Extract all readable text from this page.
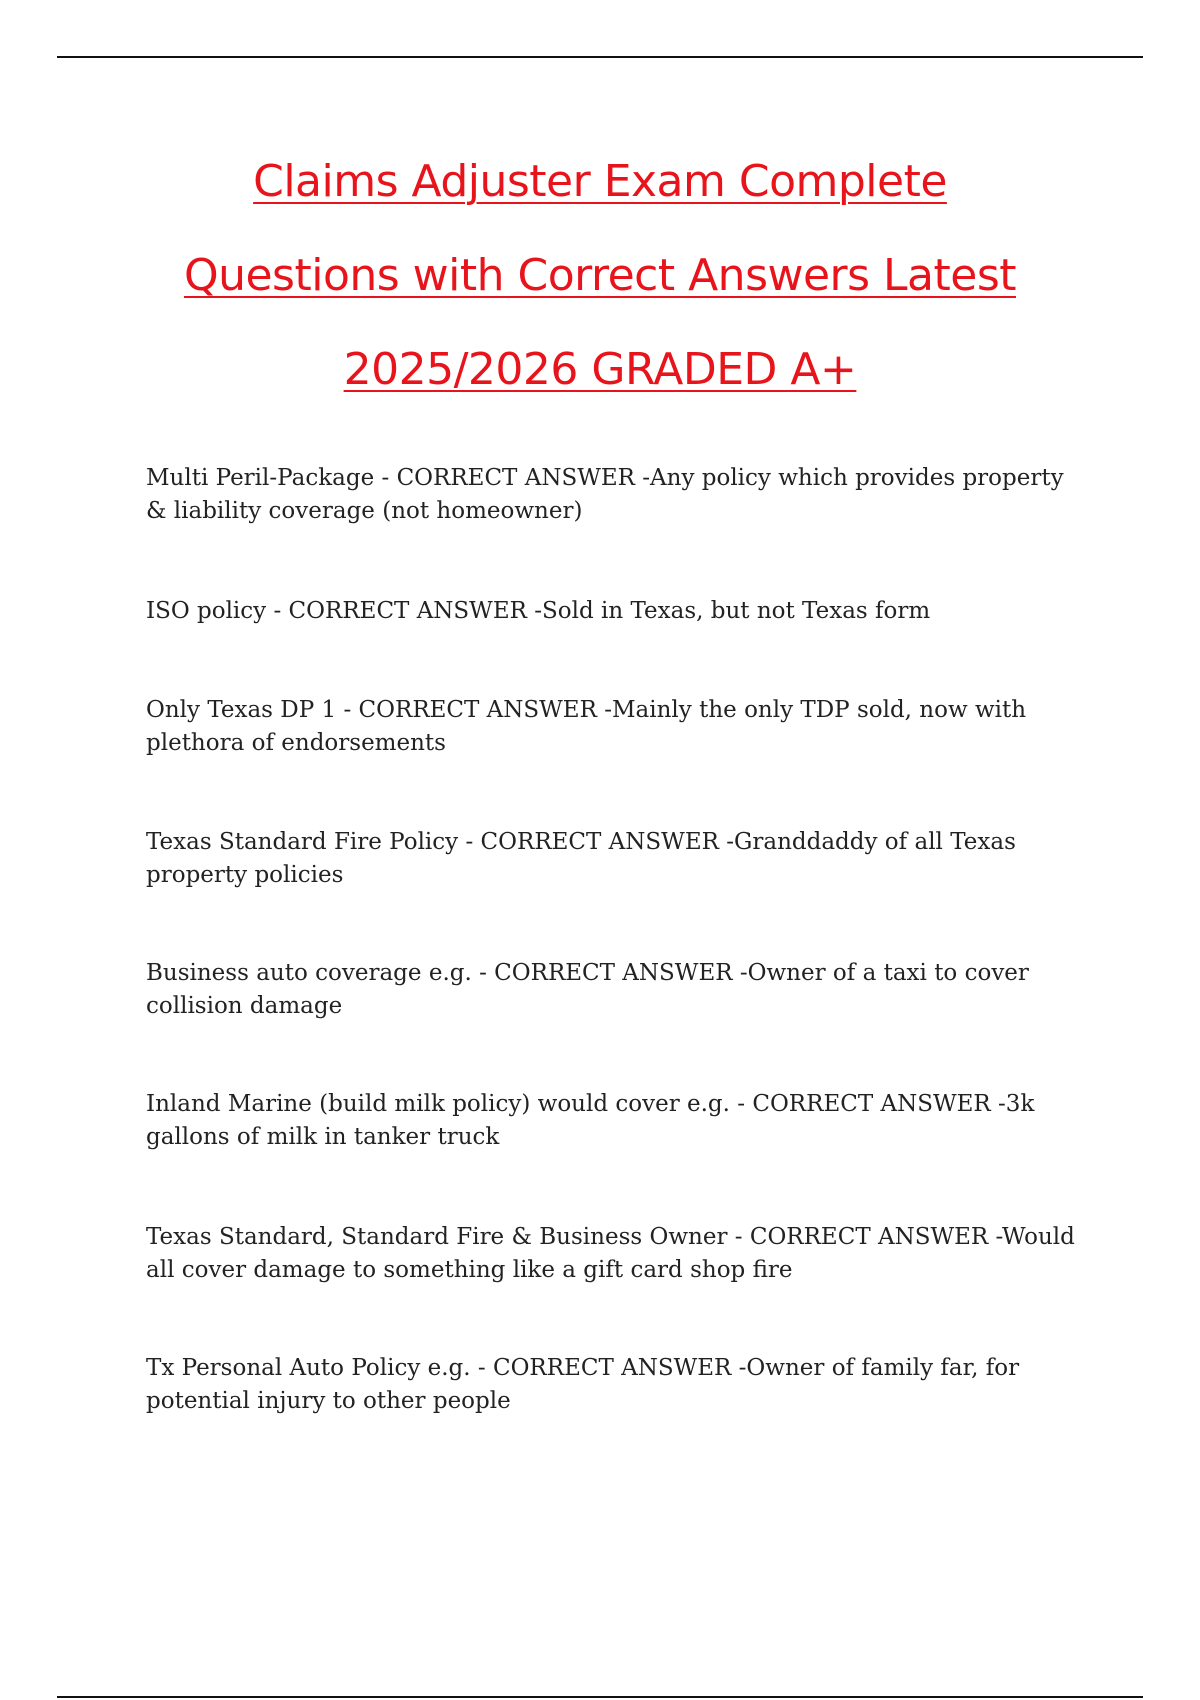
Claims Adjuster Exam Complete
Questions with Correct Answers Latest
2025/2026 GRADED A+

Multi Peril-Package - CORRECT ANSWER -Any policy which provides property & liability coverage (not homeowner)

ISO policy - CORRECT ANSWER -Sold in Texas, but not Texas form

Only Texas DP 1 - CORRECT ANSWER -Mainly the only TDP sold, now with plethora of endorsements

Texas Standard Fire Policy - CORRECT ANSWER -Granddaddy of all Texas property policies

Business auto coverage e.g. - CORRECT ANSWER -Owner of a taxi to cover collision damage

Inland Marine (build milk policy) would cover e.g. - CORRECT ANSWER -3k gallons of milk in tanker truck

Texas Standard, Standard Fire & Business Owner - CORRECT ANSWER -Would all cover damage to something like a gift card shop fire

Tx Personal Auto Policy e.g. - CORRECT ANSWER -Owner of family far, for potential injury to other people
